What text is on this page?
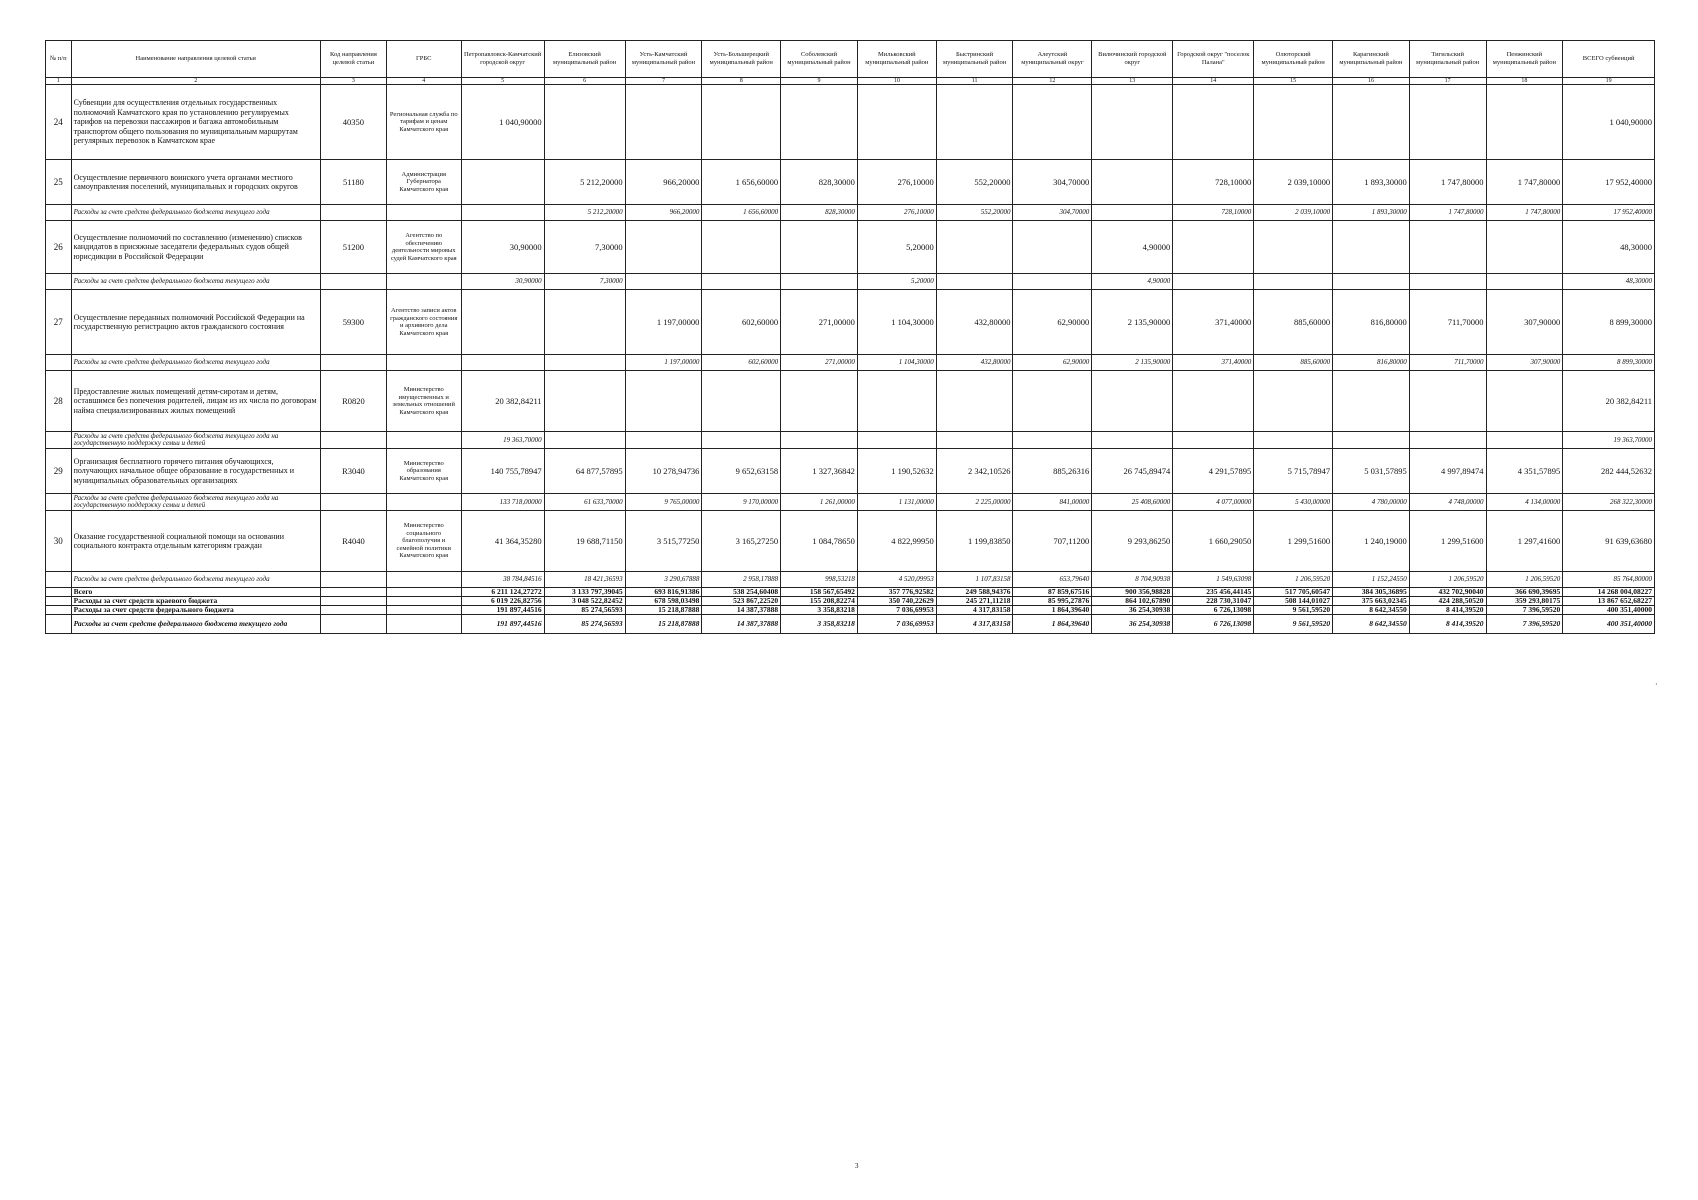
№ п/п	Наименование направления целевой статьи	Код направления целевой статьи	ГРБС	Петропавловск-Камчатский городской округ	Елизовский муниципальный район	Усть-Камчатский муниципальный район	Усть-Большерецкий муниципальный район	Соболевский муниципальный район	Мильковский муниципальный район	Быстринский муниципальный район	Алеутский муниципальный округ	Вилючинский городской округ	Городской округ "поселок Палана"	Олюторский муниципальный район	Карагинский муниципальный район	Тигильский муниципальный район	Пенжинский муниципальный район	ВСЕГО субвенций
1	2	3	4	5	6	7	8	9	10	11	12	13	14	15	16	17	18	19
24	Субвенции для осуществления отдельных государственных полномочий Камчатского края по установлению регулируемых тарифов на перевозки пассажиров и багажа автомобильным транспортом общего пользования по муниципальным маршрутам регулярных перевозок в Камчатском крае	40350	Региональная служба по тарифам и ценам Камчатского края	1 040,90000														1 040,90000
25	Осуществление первичного воинского учета органами местного самоуправления поселений, муниципальных и городских округов	51180	Администрация Губернатора Камчатского края		5 212,20000	966,20000	1 656,60000	828,30000	276,10000	552,20000	304,70000		728,10000	2 039,10000	1 893,30000	1 747,80000	1 747,80000	17 952,40000
	Расходы за счет средств федерального бюджета текущего года				5 212,20000	966,20000	1 656,60000	828,30000	276,10000	552,20000	304,70000		728,10000	2 039,10000	1 893,30000	1 747,80000	1 747,80000	17 952,40000
26	Осуществление полномочий по составлению (изменению) списков кандидатов в присяжные заседатели федеральных судов общей юрисдикции в Российской Федерации	51200	Агентство по обеспечению деятельности мировых судей Камчатского края	30,90000	7,30000				5,20000			4,90000						48,30000
	Расходы за счет средств федерального бюджета текущего года			30,90000	7,30000				5,20000			4,90000						48,30000
27	Осуществление переданных полномочий Российской Федерации на государственную регистрацию актов гражданского состояния	59300	Агентство записи актов гражданского состояния и архивного дела Камчатского края			1 197,00000	602,60000	271,00000	1 104,30000	432,80000	62,90000	2 135,90000	371,40000	885,60000	816,80000	711,70000	307,90000	8 899,30000
	Расходы за счет средств федерального бюджета текущего года					1 197,00000	602,60000	271,00000	1 104,30000	432,80000	62,90000	2 135,90000	371,40000	885,60000	816,80000	711,70000	307,90000	8 899,30000
28	Предоставление жилых помещений детям-сиротам и детям, оставшимся без попечения родителей, лицам из их числа по договорам найма специализированных жилых помещений	R0820	Министерство имущественных и земельных отношений Камчатского края	20 382,84211														20 382,84211
	Расходы за счет средств федерального бюджета текущего года на государственную поддержку семьи и детей			19 363,70000														19 363,70000
29	Организация бесплатного горячего питания обучающихся, получающих начальное общее образование в государственных и муниципальных образовательных организациях	R3040	Министерство образования Камчатского края	140 755,78947	64 877,57895	10 278,94736	9 652,63158	1 327,36842	1 190,52632	2 342,10526	885,26316	26 745,89474	4 291,57895	5 715,78947	5 031,57895	4 997,89474	4 351,57895	282 444,52632
	Расходы за счет средств федерального бюджета текущего года на государственную поддержку семьи и детей			133 718,00000	61 633,70000	9 765,00000	9 170,00000	1 261,00000	1 131,00000	2 225,00000	841,00000	25 408,60000	4 077,00000	5 430,00000	4 780,00000	4 748,00000	4 134,00000	268 322,30000
30	Оказание государственной социальной помощи на основании социального контракта отдельным категориям граждан	R4040	Министерство социального благополучия и семейной политики Камчатского края	41 364,35280	19 688,71150	3 515,77250	3 165,27250	1 084,78650	4 822,99950	1 199,83850	707,11200	9 293,86250	1 660,29050	1 299,51600	1 240,19000	1 299,51600	1 297,41600	91 639,63680
	Расходы за счет средств федерального бюджета текущего года			38 784,84516	18 421,36593	3 290,67888	2 958,17888	998,53218	4 520,09953	1 107,83158	653,79640	8 704,90938	1 549,63098	1 206,59520	1 152,24550	1 206,59520	1 206,59520	85 764,80000
	Всего			6 211 124,27272	3 133 797,39045	693 816,91386	538 254,60408	158 567,65492	357 776,92582	249 588,94376	87 859,67516	900 356,98828	235 456,44145	517 705,60547	384 305,36895	432 702,90040	366 690,39695	14 268 004,08227
	Расходы за счет средств краевого бюджета			6 019 226,82756	3 048 522,82452	678 598,03498	523 867,22520	155 208,82274	350 740,22629	245 271,11218	85 995,27876	864 102,67890	228 730,31047	508 144,01027	375 663,02345	424 288,50520	359 293,80175	13 867 652,68227
	Расходы за счет средств федерального бюджета			191 897,44516	85 274,56593	15 218,87888	14 387,37888	3 358,83218	7 036,69953	4 317,83158	1 864,39640	36 254,30938	6 726,13098	9 561,59520	8 642,34550	8 414,39520	7 396,59520	400 351,40000
	Расходы за счет средств федерального бюджета текущего года			191 897,44516	85 274,56593	15 218,87888	14 387,37888	3 358,83218	7 036,69953	4 317,83158	1 864,39640	36 254,30938	6 726,13098	9 561,59520	8 642,34550	8 414,39520	7 396,59520	400 351,40000
3
·
